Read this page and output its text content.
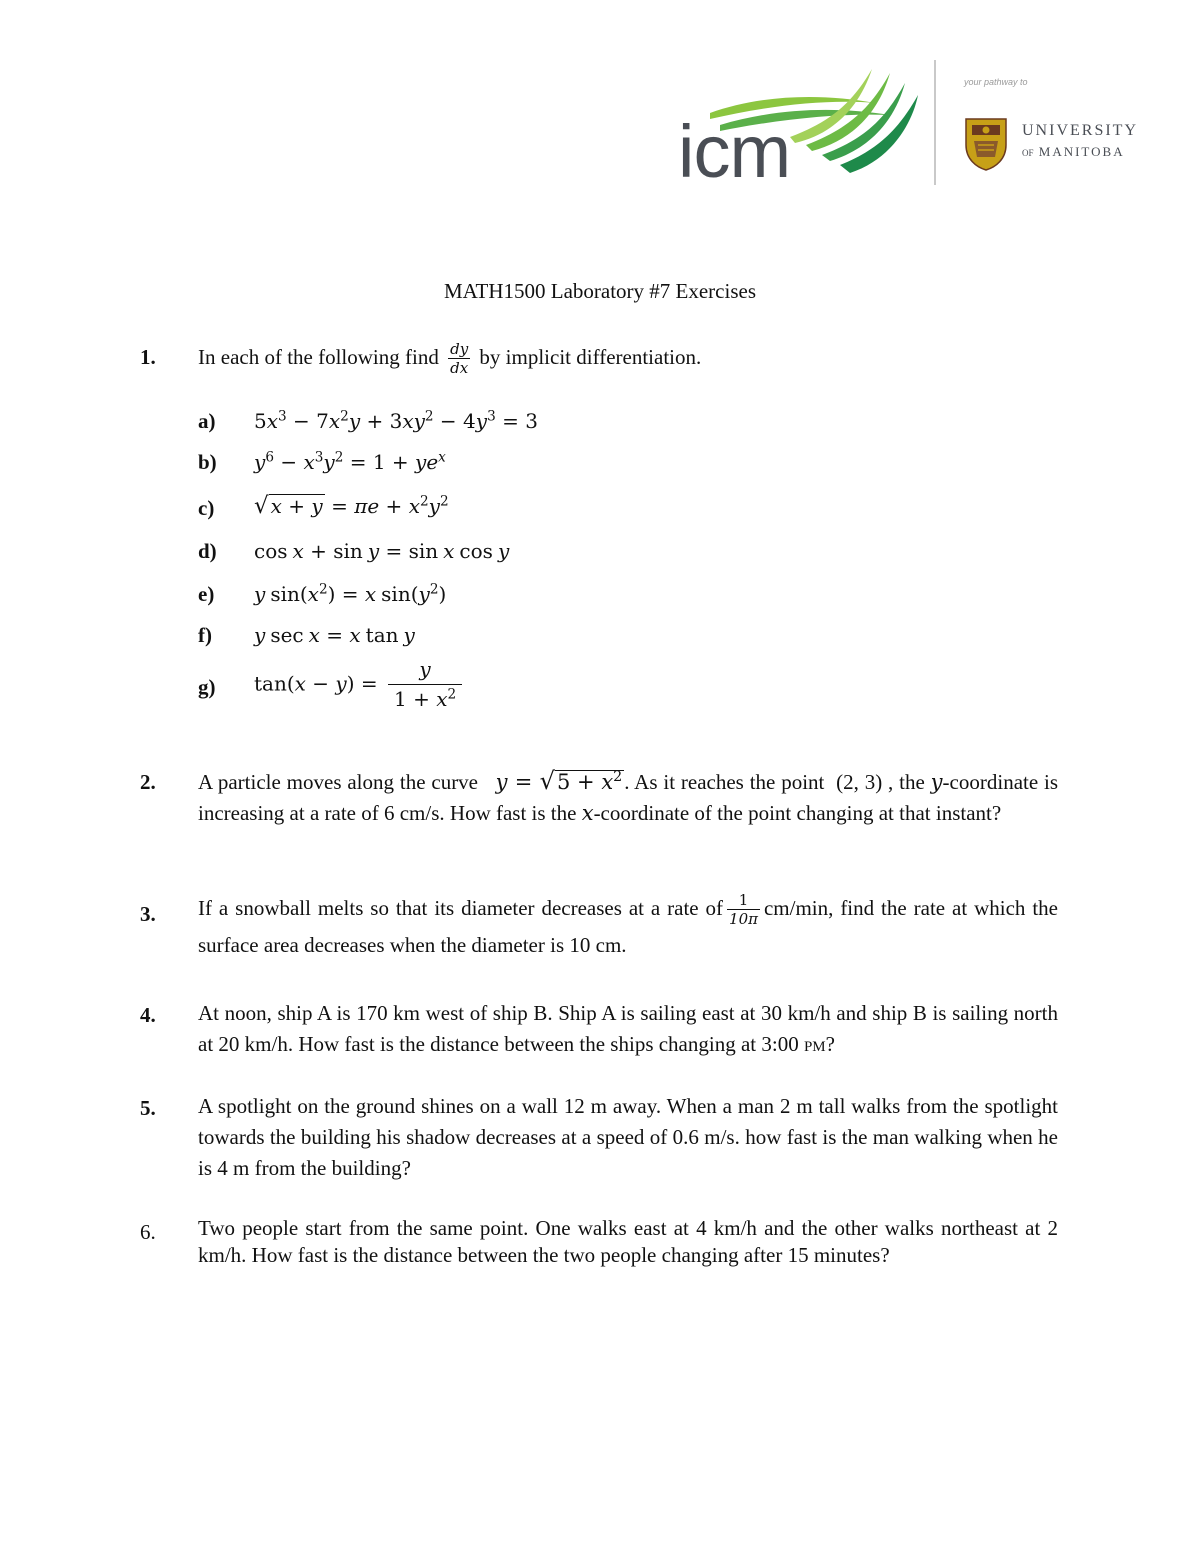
icm
your pathway to
UNIVERSITY
OF MANITOBA
MATH1500 Laboratory #7 Exercises
1. In each of the following find $\frac{dy}{dx}$ by implicit differentiation.
a) $5x^3 - 7x^2y + 3xy^2 - 4y^3 = 3$
b) $y^6 - x^3y^2 = 1 + ye^x$
c) √ $x + y = \pi e + x^2y^2$
d) cos x + sin y = sin x cos y
e) y $\sin(x^2) = x$ $\sin(y^2)$
f) y sec x = x tan y
g) $\tan(x - y) = \frac{y}{1 + x^2}$
2. A particle moves along the curve $y = √5 + x^2$. As it reaches the point (2, 3) , the y-coordinate is increasing at a rate of 6 cm/s. How fast is the x-coordinate of the point changing at that instant?
3. If a snowball melts so that its diameter decreases at a rate of $\frac{1}{10\pi} cm/\min$, find the rate at which the surface area decreases when the diameter is 10 cm.
4. At noon, ship A is 170 km west of ship B. Ship A is sailing east at 30 km/h and ship B is sailing north at 20 km/h. How fast is the distance between the ships changing at 3:00 PM?
5. A spotlight on the ground shines on a wall 12 m away. When a man 2 m tall walks from the spotlight towards the building his shadow decreases at a speed of 0.6 m/s. how fast is the man walking when he is 4 m from the building?
6. Two people start from the same point. One walks east at 4 km/h and the other walks northeast at 2 km/h. How fast is the distance between the two people changing after 15 minutes?
